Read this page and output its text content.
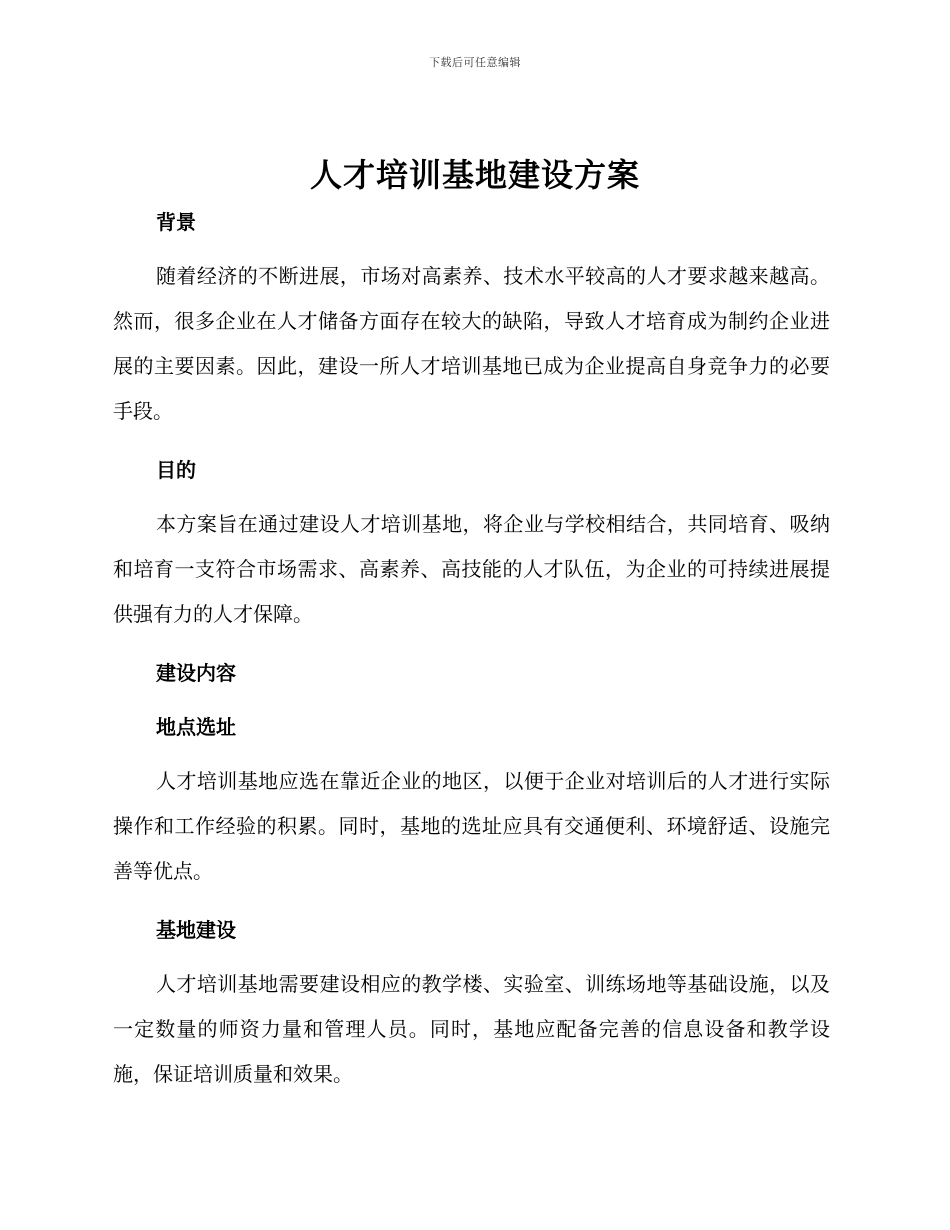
下载后可任意编辑
人才培训基地建设方案
背景

随着经济的不断进展，市场对高素养、技术水平较高的人才要求越来越高。然而，很多企业在人才储备方面存在较大的缺陷，导致人才培育成为制约企业进展的主要因素。因此，建设一所人才培训基地已成为企业提高自身竞争力的必要手段。

目的

本方案旨在通过建设人才培训基地，将企业与学校相结合，共同培育、吸纳和培育一支符合市场需求、高素养、高技能的人才队伍，为企业的可持续进展提供强有力的人才保障。

建设内容
地点选址

人才培训基地应选在靠近企业的地区，以便于企业对培训后的人才进行实际操作和工作经验的积累。同时，基地的选址应具有交通便利、环境舒适、设施完善等优点。

基地建设

人才培训基地需要建设相应的教学楼、实验室、训练场地等基础设施，以及一定数量的师资力量和管理人员。同时，基地应配备完善的信息设备和教学设施，保证培训质量和效果。
